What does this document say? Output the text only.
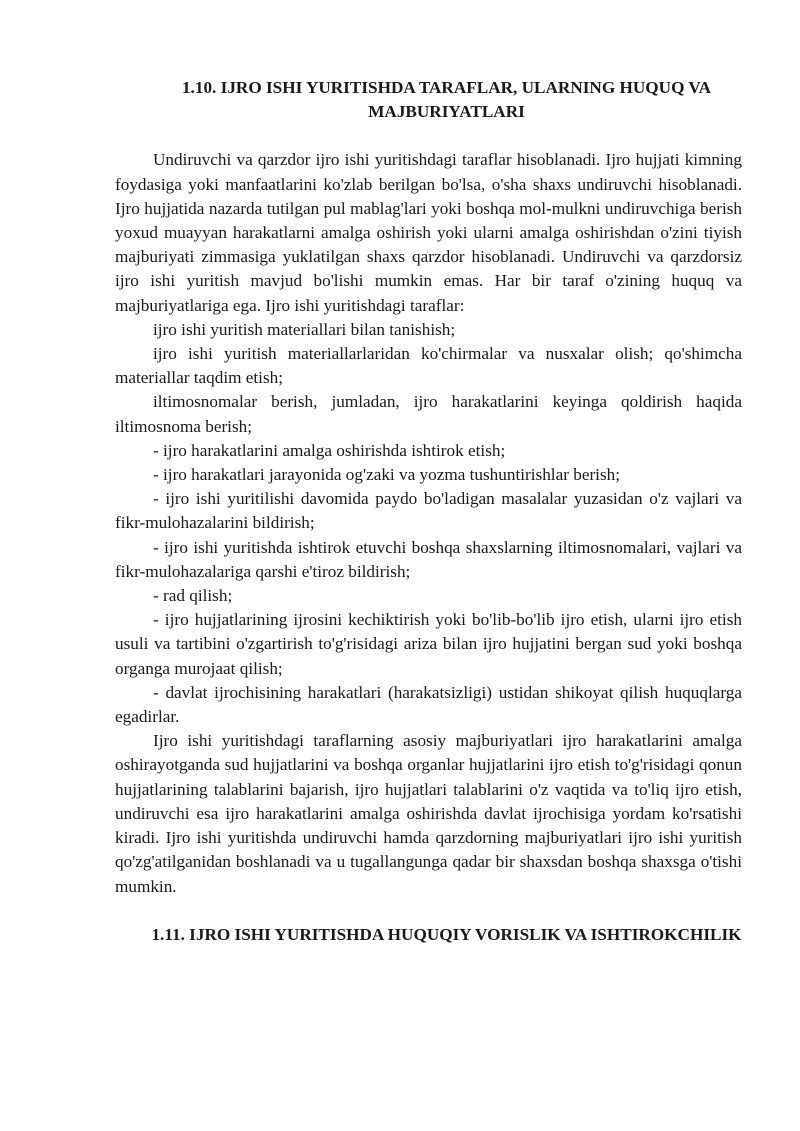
1.10. IJRO ISHI YURITISHDA TARAFLAR, ULARNING HUQUQ VA MAJBURIYATLARI

Undiruvchi va qarzdor ijro ishi yuritishdagi taraflar hisoblanadi. Ijro hujjati kimning foydasiga yoki manfaatlarini ko'zlab berilgan bo'lsa, o'sha shaxs undiruvchi hisoblanadi. Ijro hujjatida nazarda tutilgan pul mablag'lari yoki boshqa mol-mulkni undiruvchiga berish yoxud muayyan harakatlarni amalga oshirish yoki ularni amalga oshirishdan o'zini tiyish majburiyati zimmasiga yuklatilgan shaxs qarzdor hisoblanadi. Undiruvchi va qarzdorsiz ijro ishi yuritish mavjud bo'lishi mumkin emas. Har bir taraf o'zining huquq va majburiyatlariga ega. Ijro ishi yuritishdagi taraflar:

ijro ishi yuritish materiallari bilan tanishish;

ijro ishi yuritish materiallarlaridan ko'chirmalar va nusxalar olish; qo'shimcha materiallar taqdim etish;

iltimosnomalar berish, jumladan, ijro harakatlarini keyinga qoldirish haqida iltimosnoma berish;

- ijro harakatlarini amalga oshirishda ishtirok etish;

- ijro harakatlari jarayonida og'zaki va yozma tushuntirishlar berish;

- ijro ishi yuritilishi davomida paydo bo'ladigan masalalar yuzasidan o'z vajlari va fikr-mulohazalarini bildirish;

- ijro ishi yuritishda ishtirok etuvchi boshqa shaxslarning iltimosnomalari, vajlari va fikr-mulohazalariga qarshi e'tiroz bildirish;

- rad qilish;

- ijro hujjatlarining ijrosini kechiktirish yoki bo'lib-bo'lib ijro etish, ularni ijro etish usuli va tartibini o'zgartirish to'g'risidagi ariza bilan ijro hujjatini bergan sud yoki boshqa organga murojaat qilish;

- davlat ijrochisining harakatlari (harakatsizligi) ustidan shikoyat qilish huquqlarga egadirlar.

Ijro ishi yuritishdagi taraflarning asosiy majburiyatlari ijro harakatlarini amalga oshirayotganda sud hujjatlarini va boshqa organlar hujjatlarini ijro etish to'g'risidagi qonun hujjatlarining talablarini bajarish, ijro hujjatlari talablarini o'z vaqtida va to'liq ijro etish, undiruvchi esa ijro harakatlarini amalga oshirishda davlat ijrochisiga yordam ko'rsatishi kiradi. Ijro ishi yuritishda undiruvchi hamda qarzdorning majburiyatlari ijro ishi yuritish qo'zg'atilganidan boshlanadi va u tugallangunga qadar bir shaxsdan boshqa shaxsga o'tishi mumkin.

1.11. IJRO ISHI YURITISHDA HUQUQIY VORISLIK VA ISHTIROKCHILIK
